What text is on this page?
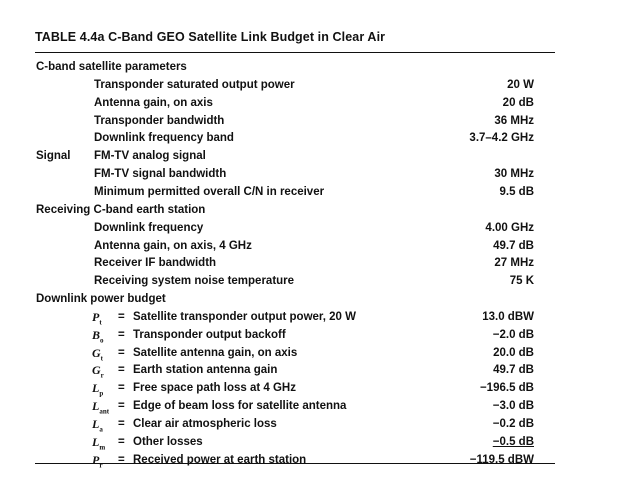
TABLE 4.4a C-Band GEO Satellite Link Budget in Clear Air
C-band satellite parameters
Transponder saturated output power	20 W
Antenna gain, on axis	20 dB
Transponder bandwidth	36 MHz
Downlink frequency band	3.7–4.2 GHz
Signal FM-TV analog signal
FM-TV signal bandwidth	30 MHz
Minimum permitted overall C/N in receiver	9.5 dB
Receiving C-band earth station
Downlink frequency	4.00 GHz
Antenna gain, on axis, 4 GHz	49.7 dB
Receiver IF bandwidth	27 MHz
Receiving system noise temperature	75 K
Downlink power budget
$P_t$ = Satellite transponder output power, 20 W	13.0 dBW
$B_o$ = Transponder output backoff	−2.0 dB
$G_t$ = Satellite antenna gain, on axis	20.0 dB
$G_r$ = Earth station antenna gain	49.7 dB
$L_p$ = Free space path loss at 4 GHz	−196.5 dB
$L_{ant}$ = Edge of beam loss for satellite antenna	−3.0 dB
$L_a$ = Clear air atmospheric loss	−0.2 dB
$L_m$ = Other losses	−0.5 dB
$P_r$ = Received power at earth station	−119.5 dBW
